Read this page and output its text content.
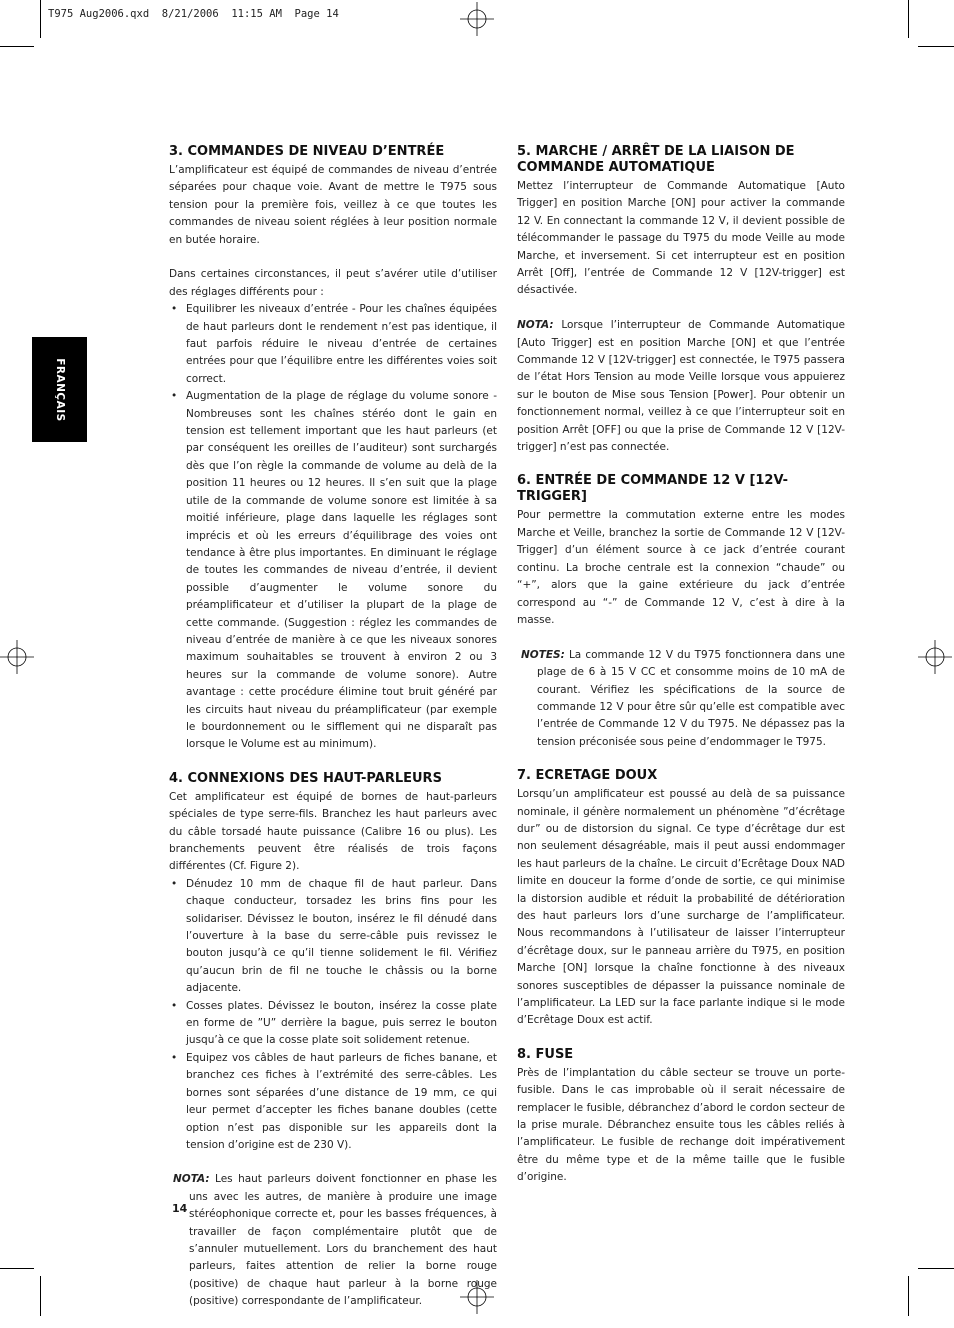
T975 Aug2006.qxd  8/21/2006  11:15 AM  Page 14
FRANÇAIS
3. COMMANDES DE NIVEAU D’ENTRÉE

L’amplificateur est équipé de commandes de niveau d’entrée séparées pour chaque voie. Avant de mettre le T975 sous tension pour la première fois, veillez à ce que toutes les commandes de niveau soient réglées à leur position normale en butée horaire.

Dans certaines circonstances, il peut s’avérer utile d’utiliser des réglages différents pour :

• Equilibrer les niveaux d’entrée - Pour les chaînes équipées de haut parleurs dont le rendement n’est pas identique, il faut parfois réduire le niveau d’entrée de certaines entrées pour que l’équilibre entre les différentes voies soit correct.
• Augmentation de la plage de réglage du volume sonore - Nombreuses sont les chaînes stéréo dont le gain en tension est tellement important que les haut parleurs (et par conséquent les oreilles de l’auditeur) sont surchargés dès que l’on règle la commande de volume au delà de la position 11 heures ou 12 heures. Il s’en suit que la plage utile de la commande de volume sonore est limitée à sa moitié inférieure, plage dans laquelle les réglages sont imprécis et où les erreurs d’équilibrage des voies ont tendance à être plus importantes. En diminuant le réglage de toutes les commandes de niveau d’entrée, il devient possible d’augmenter le volume sonore du préamplificateur et d’utiliser la plupart de la plage de cette commande. (Suggestion : réglez les commandes de niveau d’entrée de manière à ce que les niveaux sonores maximum souhaitables se trouvent à environ 2 ou 3 heures sur la commande de volume sonore). Autre avantage : cette procédure élimine tout bruit généré par les circuits haut niveau du préamplificateur (par exemple le bourdonnement ou le sifflement qui ne disparaît pas lorsque le Volume est au minimum).
4. CONNEXIONS DES HAUT-PARLEURS

Cet amplificateur est équipé de bornes de haut-parleurs spéciales de type serre-fils. Branchez les haut parleurs avec du câble torsadé haute puissance (Calibre 16 ou plus). Les branchements peuvent être réalisés de trois façons différentes (Cf. Figure 2).

• Dénudez 10 mm de chaque fil de haut parleur. Dans chaque conducteur, torsadez les brins fins pour les solidariser. Dévissez le bouton, insérez le fil dénudé dans l’ouverture à la base du serre-câble puis revissez le bouton jusqu’à ce qu’il tienne solidement le fil. Vérifiez qu’aucun brin de fil ne touche le châssis ou la borne adjacente.
• Cosses plates. Dévissez le bouton, insérez la cosse plate en forme de ”U” derrière la bague, puis serrez le bouton jusqu’à ce que la cosse plate soit solidement retenue.
• Equipez vos câbles de haut parleurs de fiches banane, et branchez ces fiches à l’extrémité des serre-câbles. Les bornes sont séparées d’une distance de 19 mm, ce qui leur permet d’accepter les fiches banane doubles (cette option n’est pas disponible sur les appareils dont la tension d’origine est de 230 V).
NOTA: Les haut parleurs doivent fonctionner en phase les uns avec les autres, de manière à produire une image stéréophonique correcte et, pour les basses fréquences, à travailler de façon complémentaire plutôt que de s’annuler mutuellement. Lors du branchement des haut parleurs, faites attention de relier la borne rouge (positive) de chaque haut parleur à la borne rouge (positive) correspondante de l’amplificateur.
5. MARCHE / ARRÊT DE LA LIAISON DE COMMANDE AUTOMATIQUE

Mettez l’interrupteur de Commande Automatique [Auto Trigger] en position Marche [ON] pour activer la commande 12 V. En connectant la commande 12 V, il devient possible de télécommander le passage du T975 du mode Veille au mode Marche, et inversement. Si cet interrupteur est en position Arrêt [Off], l’entrée de Commande 12 V [12V-trigger] est désactivée.

NOTA: Lorsque l’interrupteur de Commande Automatique [Auto Trigger] est en position Marche [ON] et que l’entrée Commande 12 V [12V-trigger] est connectée, le T975 passera de l’état Hors Tension au mode Veille lorsque vous appuierez sur le bouton de Mise sous Tension [Power]. Pour obtenir un fonctionnement normal, veillez à ce que l’interrupteur soit en position Arrêt [OFF] ou que la prise de Commande 12 V [12V-trigger] n’est pas connectée.

6. ENTRÉE DE COMMANDE 12 V [12V-TRIGGER]

Pour permettre la commutation externe entre les modes Marche et Veille, branchez la sortie de Commande 12 V [12V-Trigger] d’un élément source à ce jack d’entrée courant continu. La broche centrale est la connexion “chaude” ou “+”, alors que la gaine extérieure du jack d’entrée correspond au “-” de Commande 12 V, c’est à dire à la masse.

NOTES: La commande 12 V du T975 fonctionnera dans une plage de 6 à 15 V CC et consomme moins de 10 mA de courant. Vérifiez les spécifications de la source de commande 12 V pour être sûr qu’elle est compatible avec l’entrée de Commande 12 V du T975. Ne dépassez pas la tension préconisée sous peine d’endommager le T975.
7. ECRETAGE DOUX

Lorsqu’un amplificateur est poussé au delà de sa puissance nominale, il génère normalement un phénomène ”d’écrêtage dur” ou de distorsion du signal. Ce type d’écrêtage dur est non seulement désagréable, mais il peut aussi endommager les haut parleurs de la chaîne. Le circuit d’Ecrêtage Doux NAD limite en douceur la forme d’onde de sortie, ce qui minimise la distorsion audible et réduit la probabilité de détérioration des haut parleurs lors d’une surcharge de l’amplificateur. Nous recommandons à l’utilisateur de laisser l’interrupteur d’écrêtage doux, sur le panneau arrière du T975, en position Marche [ON] lorsque la chaîne fonctionne à des niveaux sonores susceptibles de dépasser la puissance nominale de l’amplificateur. La LED sur la face parlante indique si le mode d’Ecrêtage Doux est actif.

8. FUSE

Près de l’implantation du câble secteur se trouve un porte-fusible. Dans le cas improbable où il serait nécessaire de remplacer le fusible, débranchez d’abord le cordon secteur de la prise murale. Débranchez ensuite tous les câbles reliés à l’amplificateur. Le fusible de rechange doit impérativement être du même type et de la même taille que le fusible d’origine.

14
